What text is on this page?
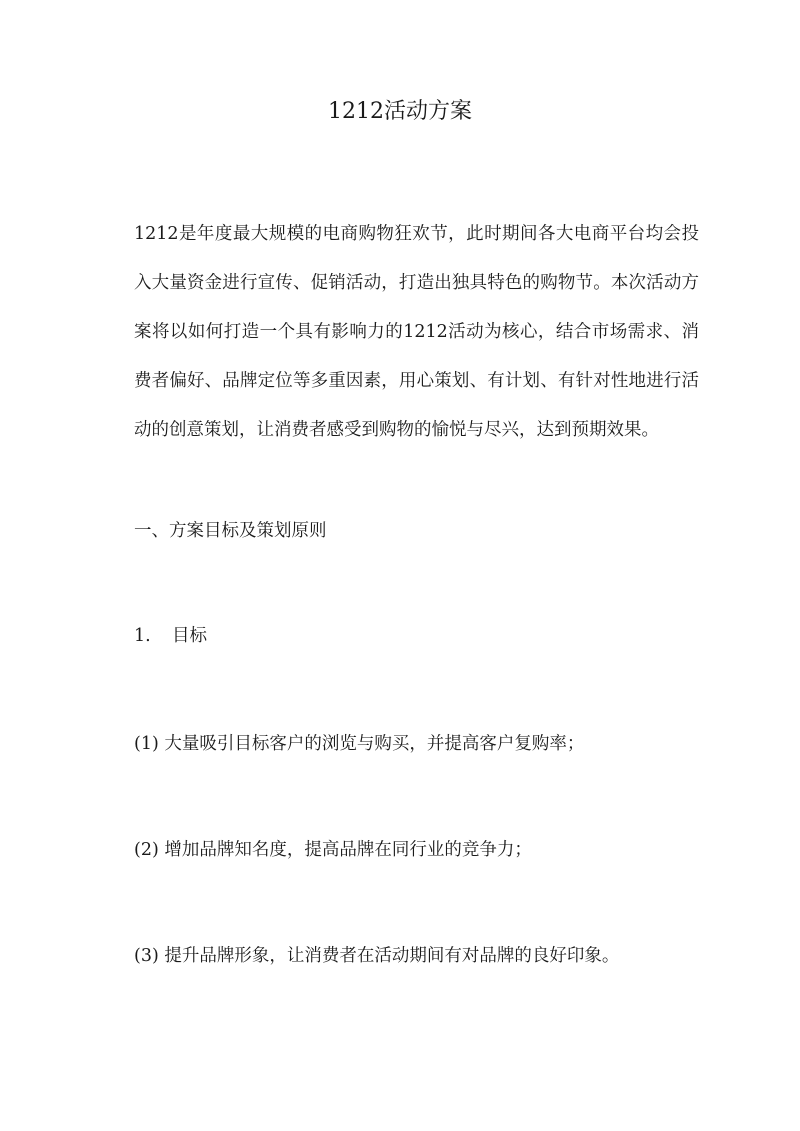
1212活动方案

1212是年度最大规模的电商购物狂欢节，此时期间各大电商平台均会投入大量资金进行宣传、促销活动，打造出独具特色的购物节。本次活动方案将以如何打造一个具有影响力的1212活动为核心，结合市场需求、消费者偏好、品牌定位等多重因素，用心策划、有计划、有针对性地进行活动的创意策划，让消费者感受到购物的愉悦与尽兴，达到预期效果。

一、方案目标及策划原则

1. 目标

(1) 大量吸引目标客户的浏览与购买，并提高客户复购率；

(2) 增加品牌知名度，提高品牌在同行业的竞争力；

(3) 提升品牌形象，让消费者在活动期间有对品牌的良好印象。
